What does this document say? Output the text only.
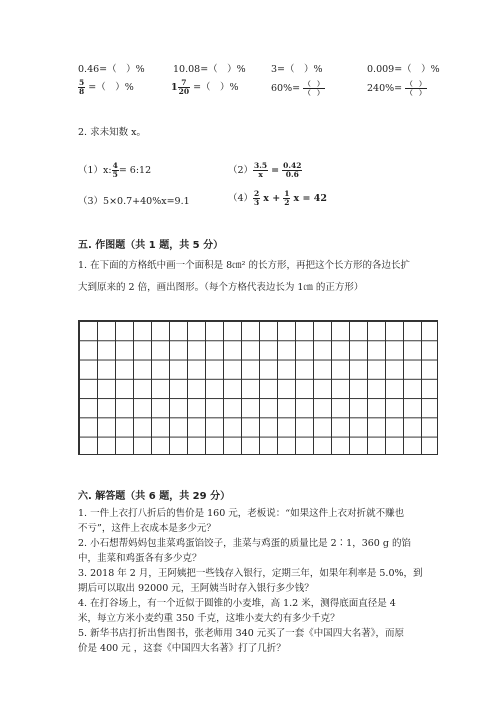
0.46=（　）%	10.08=（　）%	3=（　）%	0.009=（　）%
$\frac{5}{8}$ =（　）%	$1 \frac{7}{20}$ =（　）%	$60\%= \frac{( )}{( )}$	$240\%= \frac{( )}{( )}$
2. 求未知数 x。
（1）x: $\frac{4}{5}$ = 6:12	$(2) \frac{3.5}{x} = \frac{0.42}{0.6}$
（3）5×0.7+40%x=9.1	$(4) \frac{2}{3}$ $x + \frac{1}{2}$ x = 42
五. 作图题（共 1 题，共 5 分）
1. 在下面的方格纸中画一个面积是 8㎝² 的长方形，再把这个长方形的各边长扩
大到原来的 2 倍，画出图形。（每个方格代表边长为 1㎝ 的正方形）
六. 解答题（共 6 题，共 29 分）
1. 一件上衣打八折后的售价是 160 元，老板说：“如果这件上衣对折就不赚也
不亏”，这件上衣成本是多少元？
2. 小石想帮妈妈包韭菜鸡蛋馅饺子，韭菜与鸡蛋的质量比是 2∶1，360 g 的馅
中，韭菜和鸡蛋各有多少克？
3. 2018 年 2 月，王阿姨把一些钱存入银行，定期三年，如果年利率是 5.0%，到
期后可以取出 92000 元，王阿姨当时存入银行多少钱？
4. 在打谷场上，有一个近似于圆锥的小麦堆，高 1.2 米，测得底面直径是 4
米，每立方米小麦约重 350 千克，这堆小麦大约有多少千克？
5. 新华书店打折出售图书，张老师用 340 元买了一套《中国四大名著》，而原
价是 400 元 ，这套《中国四大名著》打了几折？
